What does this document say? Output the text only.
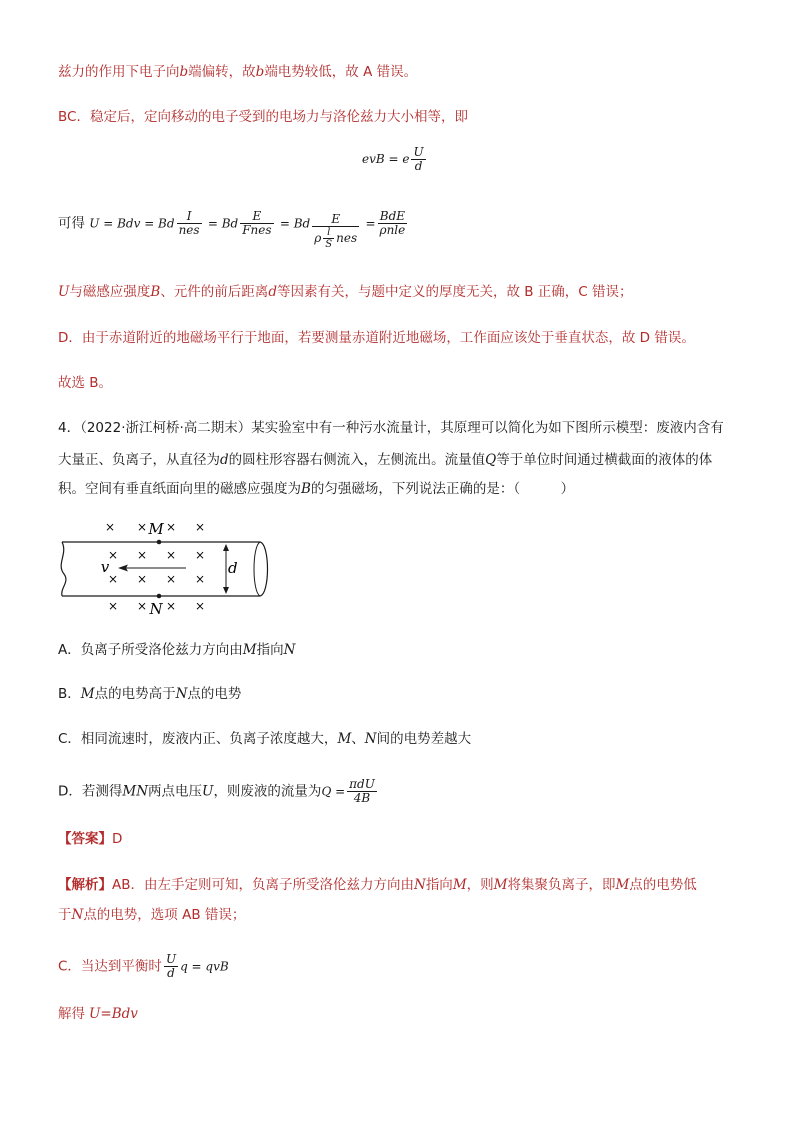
兹力的作用下电子向b端偏转，故b端电势较低，故 A 错误。
BC．稳定后，定向移动的电子受到的电场力与洛伦兹力大小相等，即
evB = e $\frac{U}{d}$
可得 U = Bdv = Bd $\frac{I}{\text{nes}} = Bd \frac{E}{\text{Fnes}} = Bd \frac{E}{\rho \frac{l}{S} nes} = \frac{\text{BdE}}{\text{ρnle}}$
U与磁感应强度B、元件的前后距离d等因素有关，与题中定义的厚度无关，故 B 正确，C 错误；
D．由于赤道附近的地磁场平行于地面，若要测量赤道附近地磁场，工作面应该处于垂直状态，故 D 错误。
故选 B。
4．（2022·浙江柯桥·高二期末）某实验室中有一种污水流量计，其原理可以简化为如下图所示模型：废液内含有
大量正、负离子，从直径为d的圆柱形容器右侧流入，左侧流出。流量值Q等于单位时间通过横截面的液体的体
积。空间有垂直纸面向里的磁感应强度为B的匀强磁场，下列说法正确的是：（　　　）
× × × ×
M
× × × ×
× × × ×
v	d
× × N × ×
A．负离子所受洛伦兹力方向由M指向N
B．M点的电势高于N点的电势
C．相同流速时，废液内正、负离子浓度越大，M、N间的电势差越大
D．若测得MN两点电压U，则废液的流量为$Q = \frac{\text{πdU}}{4B}$
【答案】D
【解析】AB．由左手定则可知，负离子所受洛伦兹力方向由N指向M，则M将集聚负离子，即M点的电势低
于N点的电势，选项 AB 错误；
C．当达到平衡时 $\frac{U}{d}$ q = qvB
解得 U=Bdv
